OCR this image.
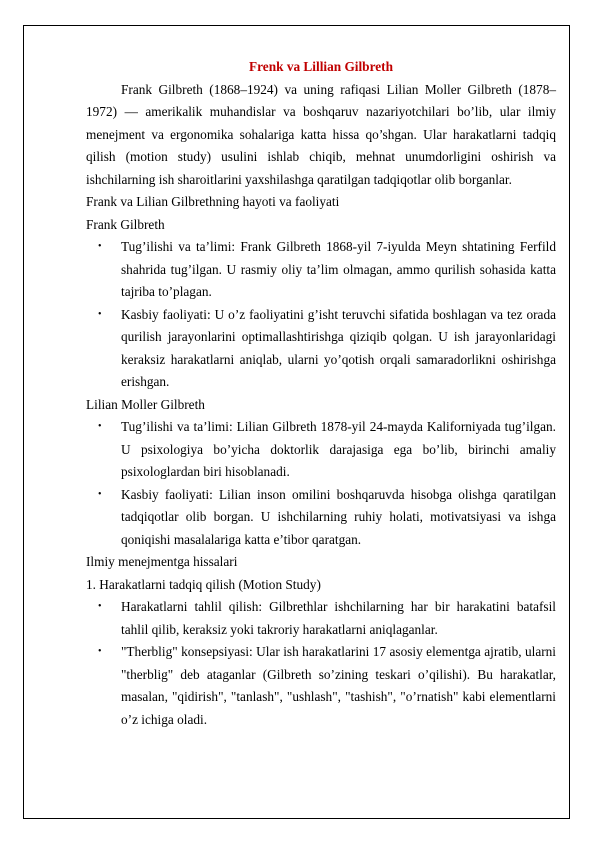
Frenk va Lillian Gilbreth

Frank Gilbreth (1868–1924) va uning rafiqasi Lilian Moller Gilbreth (1878–1972) — amerikalik muhandislar va boshqaruv nazariyotchilari bo’lib, ular ilmiy menejment va ergonomika sohalariga katta hissa qo’shgan. Ular harakatlarni tadqiq qilish (motion study) usulini ishlab chiqib, mehnat unumdorligini oshirish va ishchilarning ish sharoitlarini yaxshilashga qaratilgan tadqiqotlar olib borganlar.

Frank va Lilian Gilbrethning hayoti va faoliyati

Frank Gilbreth

• Tug’ilishi va ta’limi: Frank Gilbreth 1868-yil 7-iyulda Meyn shtatining Ferfild shahrida tug’ilgan. U rasmiy oliy ta’lim olmagan, ammo qurilish sohasida katta tajriba to’plagan.
• Kasbiy faoliyati: U o’z faoliyatini g’isht teruvchi sifatida boshlagan va tez orada qurilish jarayonlarini optimallashtirishga qiziqib qolgan. U ish jarayonlaridagi keraksiz harakatlarni aniqlab, ularni yo’qotish orqali samaradorlikni oshirishga erishgan.

Lilian Moller Gilbreth

• Tug’ilishi va ta’limi: Lilian Gilbreth 1878-yil 24-mayda Kaliforniyada tug’ilgan. U psixologiya bo’yicha doktorlik darajasiga ega bo’lib, birinchi amaliy psixologlardan biri hisoblanadi.
• Kasbiy faoliyati: Lilian inson omilini boshqaruvda hisobga olishga qaratilgan tadqiqotlar olib borgan. U ishchilarning ruhiy holati, motivatsiyasi va ishga qoniqishi masalalariga katta e’tibor qaratgan.

Ilmiy menejmentga hissalari

1. Harakatlarni tadqiq qilish (Motion Study)

• Harakatlarni tahlil qilish: Gilbrethlar ishchilarning har bir harakatini batafsil tahlil qilib, keraksiz yoki takroriy harakatlarni aniqlaganlar.
• "Therblig" konsepsiyasi: Ular ish harakatlarini 17 asosiy elementga ajratib, ularni "therblig" deb ataganlar (Gilbreth so’zining teskari o’qilishi). Bu harakatlar, masalan, "qidirish", "tanlash", "ushlash", "tashish", "o’rnatish" kabi elementlarni o’z ichiga oladi.
